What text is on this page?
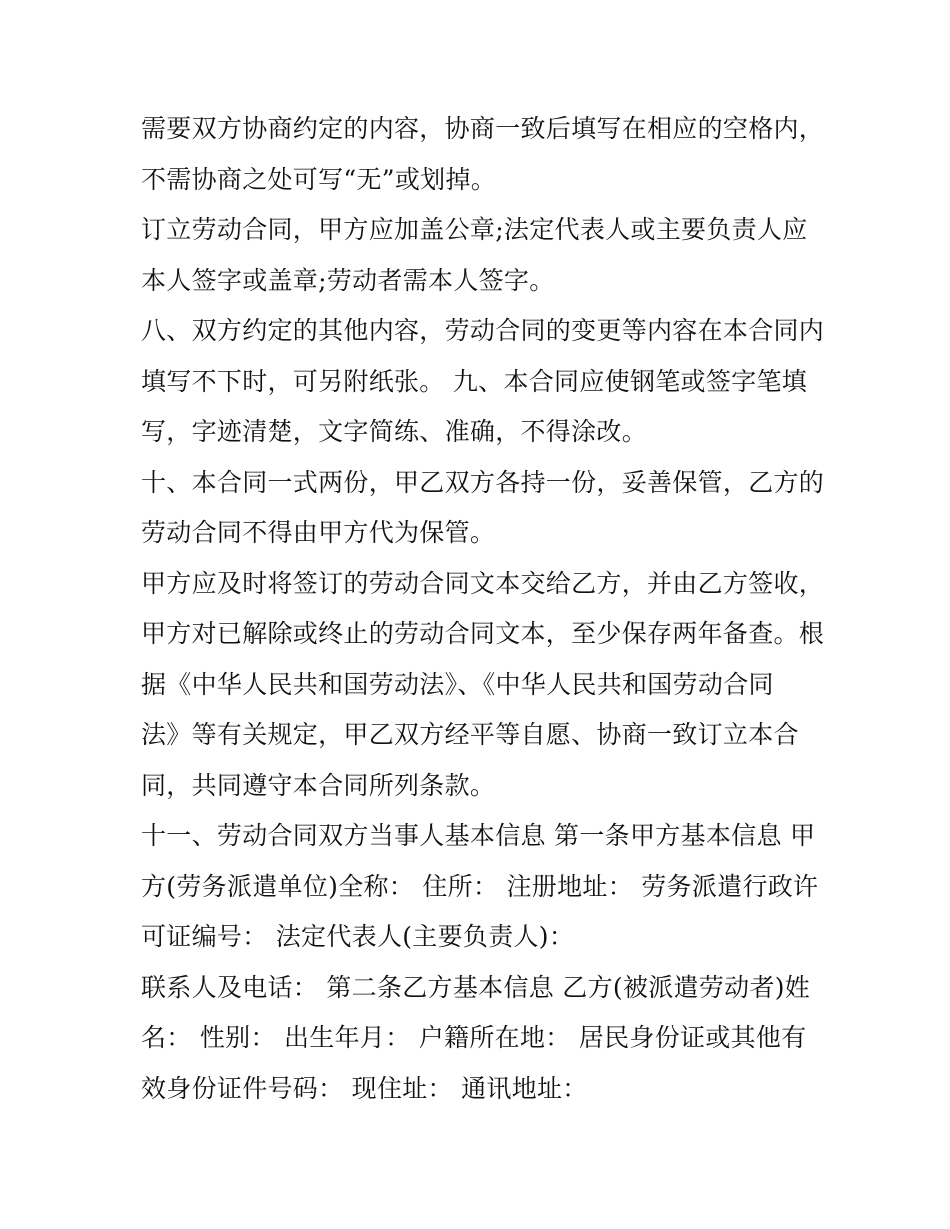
需要双方协商约定的内容，协商一致后填写在相应的空格内，

不需协商之处可写“无”或划掉。

订立劳动合同，甲方应加盖公章;法定代表人或主要负责人应

本人签字或盖章;劳动者需本人签字。

八、双方约定的其他内容，劳动合同的变更等内容在本合同内

填写不下时，可另附纸张。 九、本合同应使钢笔或签字笔填

写，字迹清楚，文字简练、准确，不得涂改。

十、本合同一式两份，甲乙双方各持一份，妥善保管，乙方的

劳动合同不得由甲方代为保管。

甲方应及时将签订的劳动合同文本交给乙方，并由乙方签收，

甲方对已解除或终止的劳动合同文本，至少保存两年备查。根

据《中华人民共和国劳动法》、《中华人民共和国劳动合同

法》等有关规定，甲乙双方经平等自愿、协商一致订立本合

同，共同遵守本合同所列条款。

十一、劳动合同双方当事人基本信息 第一条甲方基本信息 甲

方(劳务派遣单位)全称： 住所： 注册地址： 劳务派遣行政许

可证编号： 法定代表人(主要负责人)：

联系人及电话： 第二条乙方基本信息 乙方(被派遣劳动者)姓

名： 性别： 出生年月： 户籍所在地： 居民身份证或其他有

效身份证件号码： 现住址： 通讯地址：
